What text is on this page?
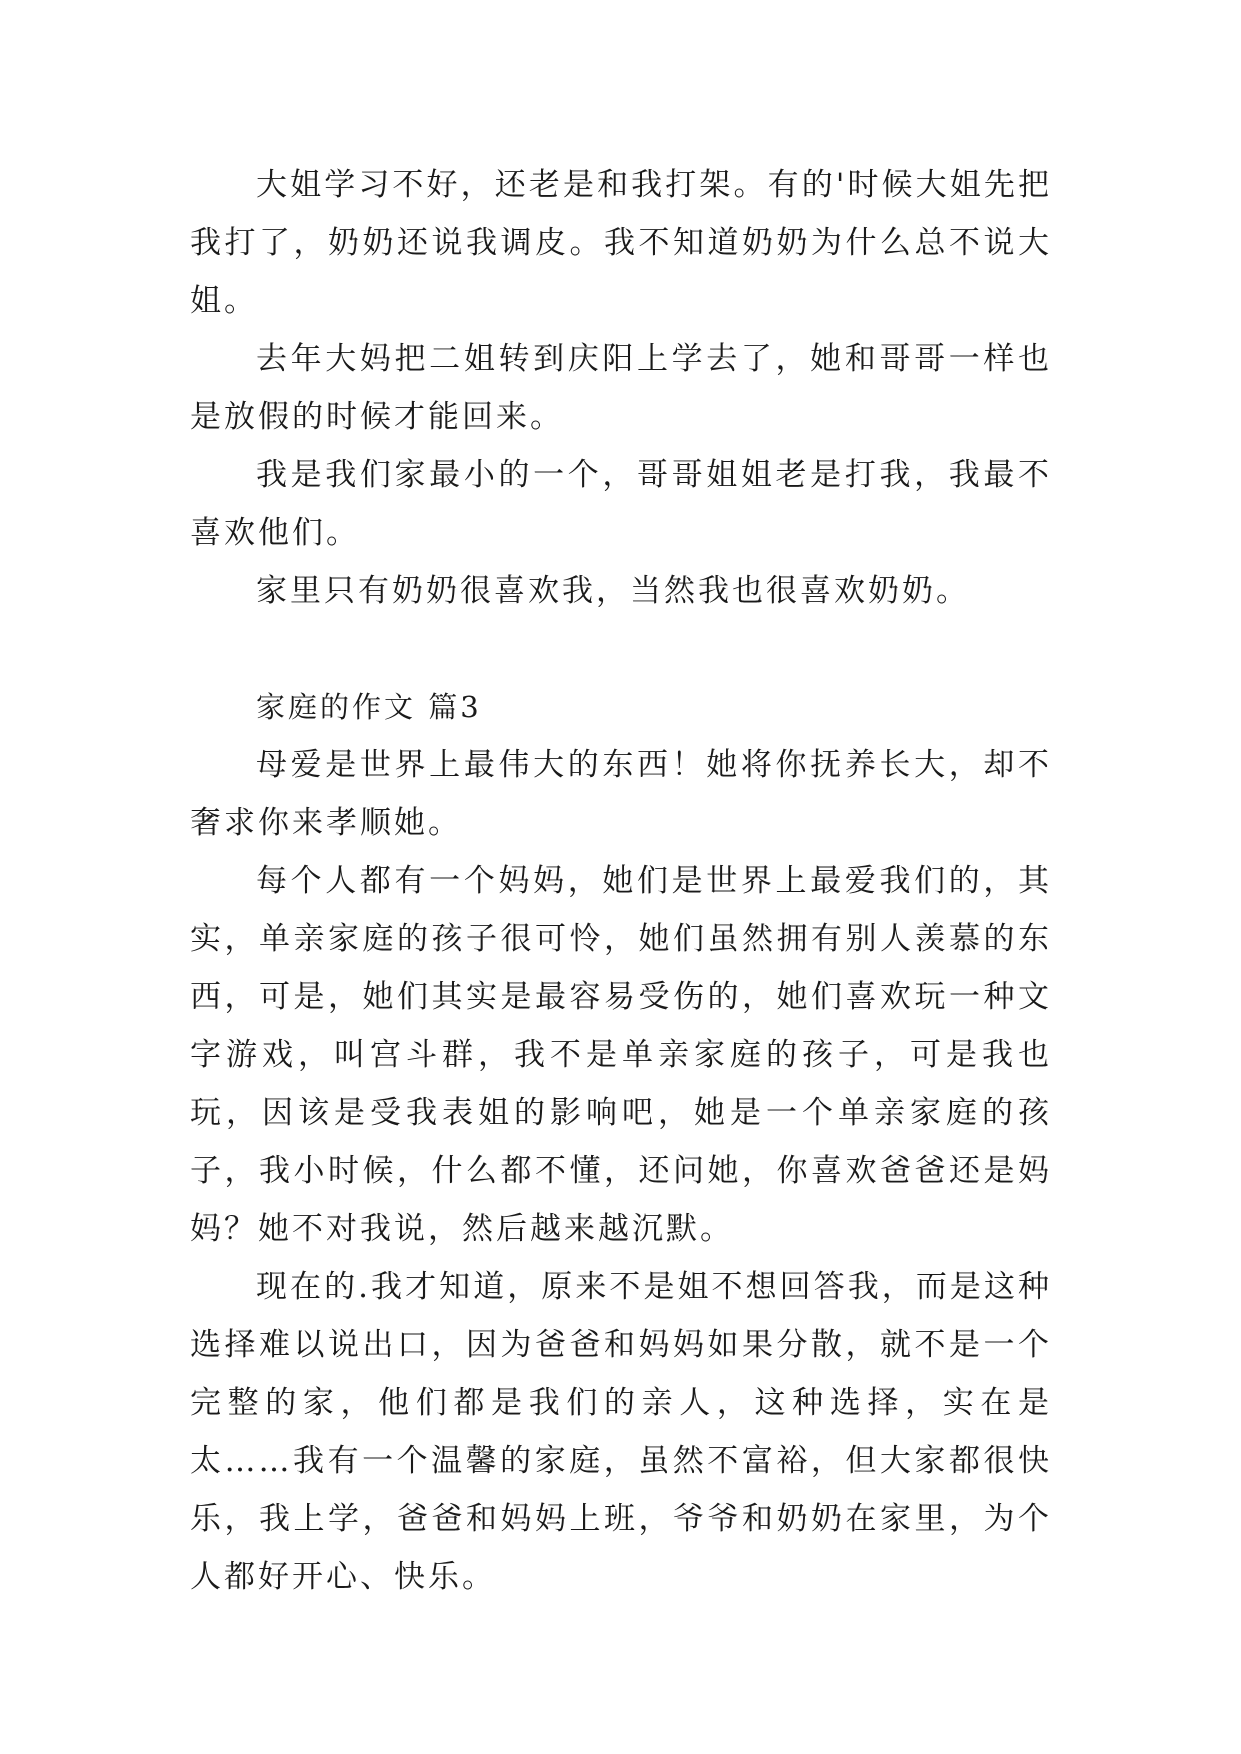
大姐学习不好，还老是和我打架。有的'时候大姐先把我打了，奶奶还说我调皮。我不知道奶奶为什么总不说大姐。

去年大妈把二姐转到庆阳上学去了，她和哥哥一样也是放假的时候才能回来。

我是我们家最小的一个，哥哥姐姐老是打我，我最不喜欢他们。

家里只有奶奶很喜欢我，当然我也很喜欢奶奶。

家庭的作文 篇3

母爱是世界上最伟大的东西！她将你抚养长大，却不奢求你来孝顺她。

每个人都有一个妈妈，她们是世界上最爱我们的，其实，单亲家庭的孩子很可怜，她们虽然拥有别人羡慕的东西，可是，她们其实是最容易受伤的，她们喜欢玩一种文字游戏，叫宫斗群，我不是单亲家庭的孩子，可是我也玩，因该是受我表姐的影响吧，她是一个单亲家庭的孩子，我小时候，什么都不懂，还问她，你喜欢爸爸还是妈妈？她不对我说，然后越来越沉默。

现在的.我才知道，原来不是姐不想回答我，而是这种选择难以说出口，因为爸爸和妈妈如果分散，就不是一个完整的家，他们都是我们的亲人，这种选择，实在是太……我有一个温馨的家庭，虽然不富裕，但大家都很快乐，我上学，爸爸和妈妈上班，爷爷和奶奶在家里，为个人都好开心、快乐。
